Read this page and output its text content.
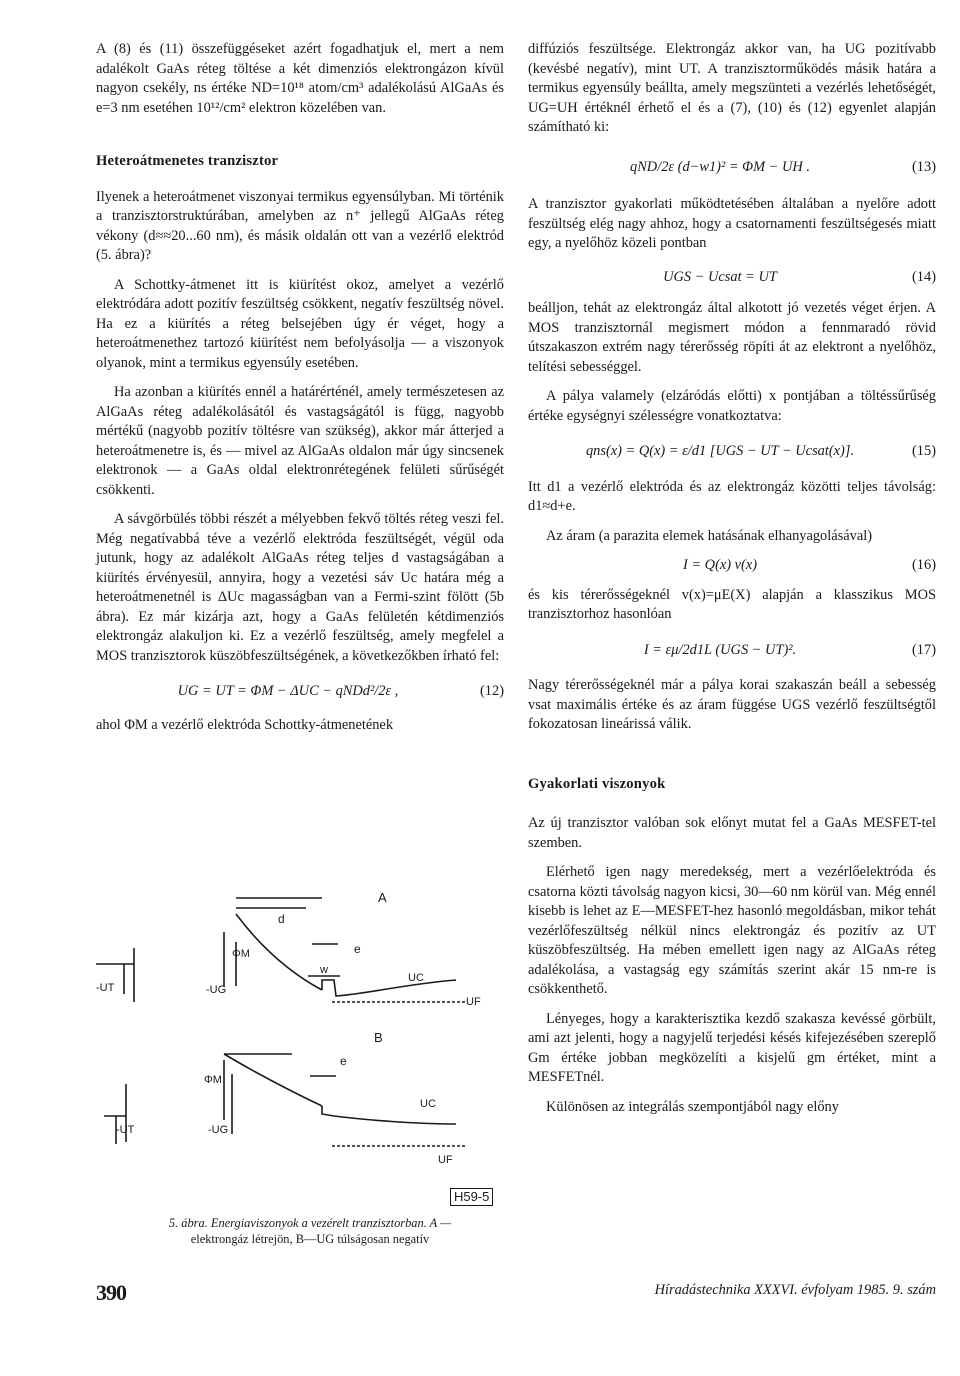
A (8) és (11) összefüggéseket azért fogadhatjuk el, mert a nem adalékolt GaAs réteg töltése a két dimenziós elektrongázon kívül nagyon csekély, ns értéke ND=10¹⁸ atom/cm³ adalékolású AlGaAs és e=3 nm esetéhen 10¹²/cm² elektron közelében van.

Heteroátmenetes tranzisztor

Ilyenek a heteroátmenet viszonyai termikus egyensúlyban. Mi történik a tranzisztorstruktúrában, amelyben az n⁺ jellegű AlGaAs réteg vékony (d≈≈20...60 nm), és másik oldalán ott van a vezérlő elektród (5. ábra)?

A Schottky-átmenet itt is kiürítést okoz, amelyet a vezérlő elektródára adott pozitív feszültség csökkent, negatív feszültség növel. Ha ez a kiürítés a réteg belsejében úgy ér véget, hogy a heteroátmenethez tartozó kiürítést nem befolyásolja — a viszonyok olyanok, mint a termikus egyensúly esetében.

Ha azonban a kiürítés ennél a határérténél, amely természetesen az AlGaAs réteg adalékolásától és vastagságától is függ, nagyobb mértékű (nagyobb pozitív töltésre van szükség), akkor már átterjed a heteroátmenetre is, és — mivel az AlGaAs oldalon már úgy sincsenek elektronok — a GaAs oldal elektronrétegének felületi sűrűségét csökkenti.

A sávgörbülés többi részét a mélyebben fekvő töltés réteg veszi fel. Még negatívabbá téve a vezérlő elektróda feszültségét, végül oda jutunk, hogy az adalékolt AlGaAs réteg teljes d vastagságában a kiürítés érvényesül, annyira, hogy a vezetési sáv Uc határa még a heteroátmenetnél is ΔUc magasságban van a Fermi-szint fölött (5b ábra). Ez már kizárja azt, hogy a GaAs felületén kétdimenziós elektrongáz alakuljon ki. Ez a vezérlő feszültség, amely megfelel a MOS tranzisztorok küszöbfeszültségének, a következőkben írható fel:

UG = UT = ΦM − ΔUC − qNDd²/2ε ,	(12)

ahol ΦM a vezérlő elektróda Schottky-átmenetének

diffúziós feszültsége. Elektrongáz akkor van, ha UG pozitívabb (kevésbé negatív), mint UT. A tranzisztorműködés másik határa a termikus egyensúly beállta, amely megszünteti a vezérlés lehetőségét, UG=UH értéknél érhető el és a (7), (10) és (12) egyenlet alapján számítható ki:

qND/2ε (d−w1)² = ΦM − UH .	(13)

A tranzisztor gyakorlati működtetésében általában a nyelőre adott feszültség elég nagy ahhoz, hogy a csatornamenti feszültségesés miatt egy, a nyelőhöz közeli pontban

UGS − Ucsat = UT	(14)

beálljon, tehát az elektrongáz által alkotott jó vezetés véget érjen. A MOS tranzisztornál megismert módon a fennmaradó rövid útszakaszon extrém nagy térerősség röpíti át az elektront a nyelőhöz, telítési sebességgel.

A pálya valamely (elzáródás előtti) x pontjában a töltéssűrűség értéke egységnyi szélességre vonatkoztatva:

qns(x) = Q(x) = ε/d1 [UGS − UT − Ucsat(x)].	(15)

Itt d1 a vezérlő elektróda és az elektrongáz közötti teljes távolság: d1≈d+e.

Az áram (a parazita elemek hatásának elhanyagolásával)

I = Q(x) v(x)	(16)

és kis térerősségeknél v(x)=μE(X) alapján a klasszikus MOS tranzisztorhoz hasonlóan

I = εμ/2d1L (UGS − UT)².	(17)

Nagy térerősségeknél már a pálya korai szakaszán beáll a sebesség vsat maximális értéke és az áram függése UGS vezérlő feszültségtől fokozatosan lineárissá válik.

Gyakorlati viszonyok

Az új tranzisztor valóban sok előnyt mutat fel a GaAs MESFET-tel szemben.

Elérhető igen nagy meredekség, mert a vezérlőelektróda és csatorna közti távolság nagyon kicsi, 30—60 nm körül van. Még ennél kisebb is lehet az E—MESFET-hez hasonló megoldásban, mikor tehát vezérlőfeszültség nélkül nincs elektrongáz és pozitív az UT küszöbfeszültség. Ha mében emellett igen nagy az AlGaAs réteg adalékolása, a vastagság egy számítás szerint akár 15 nm-re is csökkenthető.

Lényeges, hogy a karakterisztika kezdő szakasza kevéssé görbült, ami azt jelenti, hogy a nagyjelű terjedési késés kifejezésében szereplő Gm értéke jobban megközelíti a kisjelű gm értéket, mint a MESFETnél.

Különösen az integrálás szempontjából nagy előny

A
d
e
ΦM
w
UC
UF
-UG
-UT
B
e
ΦM
UC
UF
-UG
-UT
H59-5
5. ábra. Energiaviszonyok a vezérelt tranzisztorban. A —
elektrongáz létrejön, B—UG túlságosan negatív
390	Híradástechnika XXXVI. évfolyam 1985. 9. szám
